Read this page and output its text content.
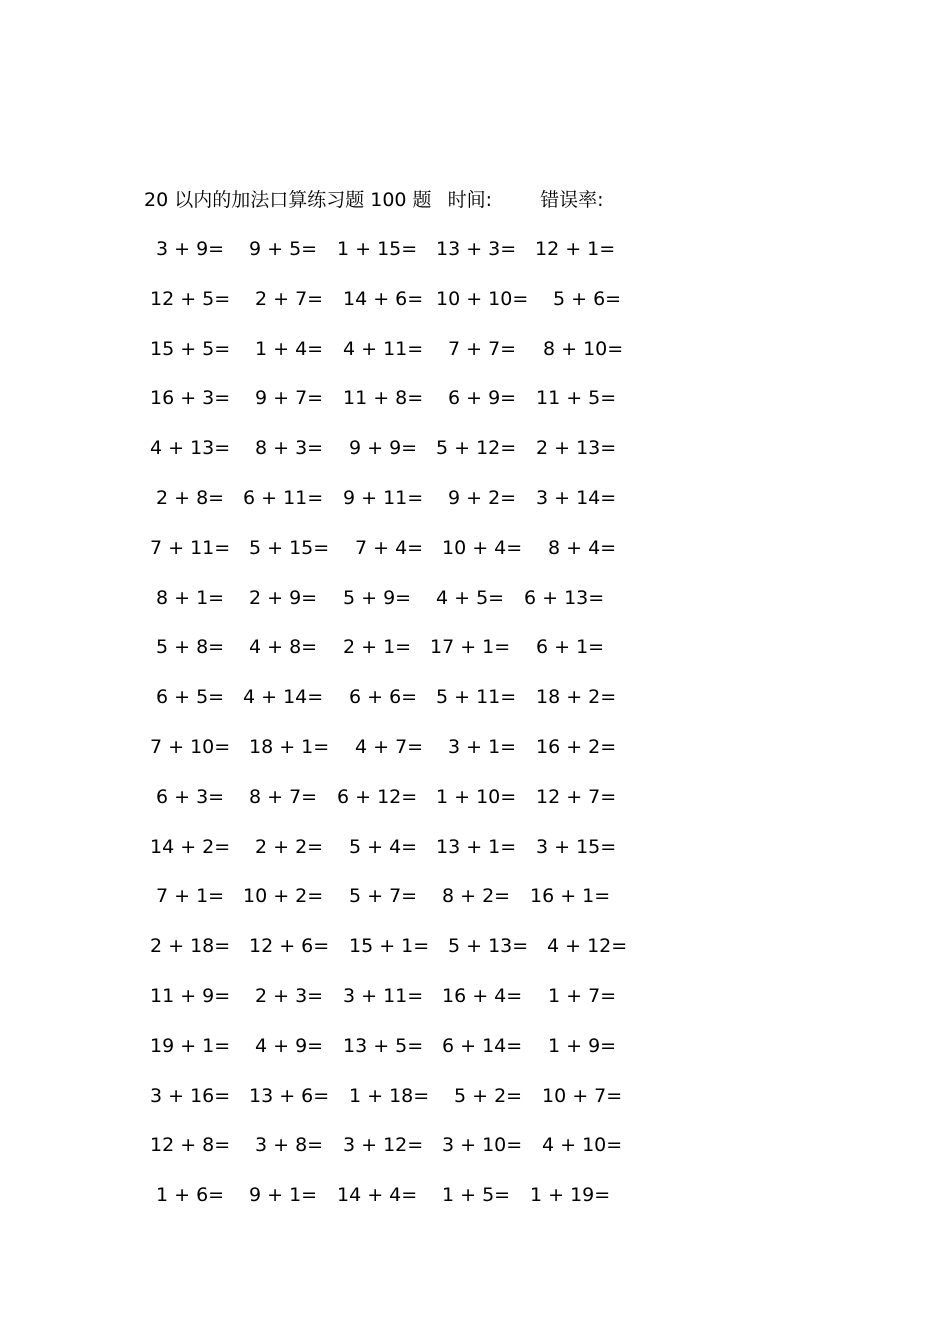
20 以内的加法口算练习题 100 题 时间:	错误率:
3 + 9= 9 + 5= 1 + 15= 13 + 3= 12 + 1=
12 + 5= 2 + 7= 14 + 6= 10 + 10= 5 + 6=
15 + 5= 1 + 4= 4 + 11= 7 + 7= 8 + 10=
16 + 3= 9 + 7= 11 + 8= 6 + 9= 11 + 5=
4 + 13= 8 + 3= 9 + 9= 5 + 12= 2 + 13=
2 + 8= 6 + 11= 9 + 11= 9 + 2= 3 + 14=
7 + 11= 5 + 15= 7 + 4= 10 + 4= 8 + 4=
8 + 1= 2 + 9= 5 + 9= 4 + 5= 6 + 13=
5 + 8= 4 + 8= 2 + 1= 17 + 1= 6 + 1=
6 + 5= 4 + 14= 6 + 6= 5 + 11= 18 + 2=
7 + 10= 18 + 1= 4 + 7= 3 + 1= 16 + 2=
6 + 3= 8 + 7= 6 + 12= 1 + 10= 12 + 7=
14 + 2= 2 + 2= 5 + 4= 13 + 1= 3 + 15=
7 + 1= 10 + 2= 5 + 7= 8 + 2= 16 + 1=
2 + 18= 12 + 6= 15 + 1= 5 + 13= 4 + 12=
11 + 9= 2 + 3= 3 + 11= 16 + 4= 1 + 7=
19 + 1= 4 + 9= 13 + 5= 6 + 14= 1 + 9=
3 + 16= 13 + 6= 1 + 18= 5 + 2= 10 + 7=
12 + 8= 3 + 8= 3 + 12= 3 + 10= 4 + 10=
1 + 6= 9 + 1= 14 + 4= 1 + 5= 1 + 19=
